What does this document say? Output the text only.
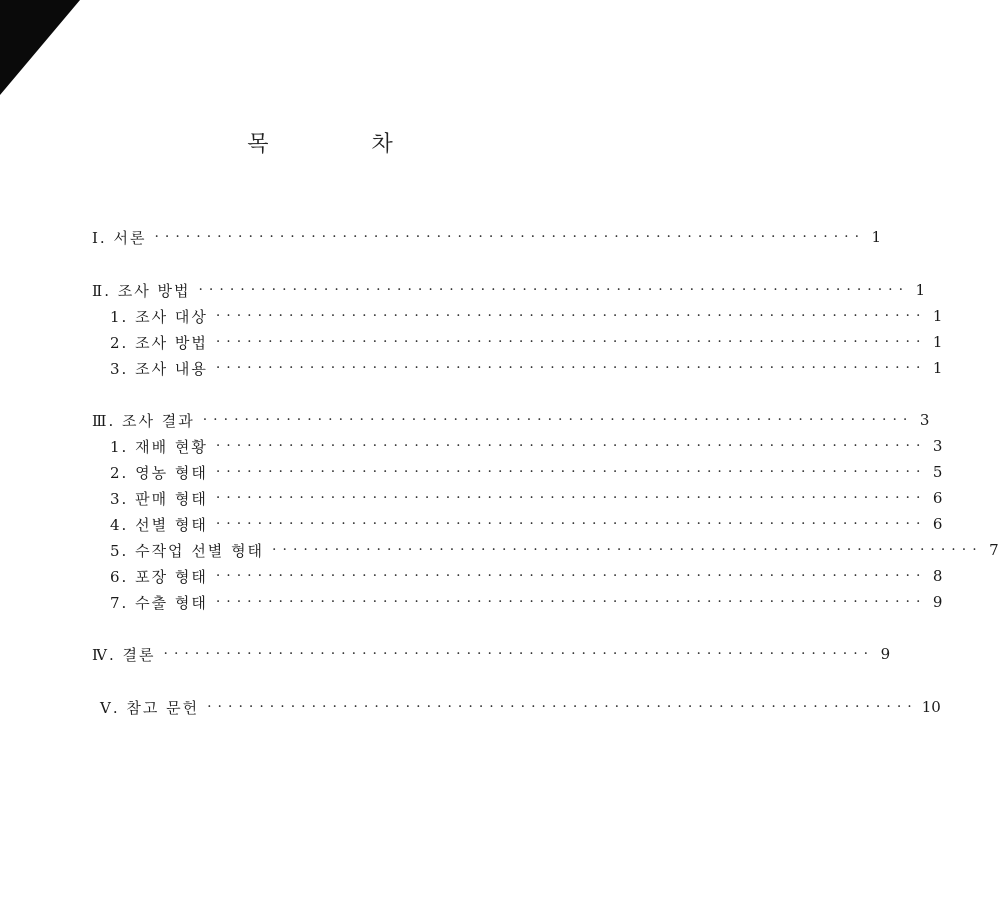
목 차
Ⅰ. 서론 ···································································· 1
Ⅱ. 조사 방법 ···································································· 1
1. 조사 대상 ···································································· 1
2. 조사 방법 ···································································· 1
3. 조사 내용 ···································································· 1
Ⅲ. 조사 결과 ···································································· 3
1. 재배 현황 ···································································· 3
2. 영농 형태 ···································································· 5
3. 판매 형태 ···································································· 6
4. 선별 형태 ···································································· 6
5. 수작업 선별 형태 ···································································· 7
6. 포장 형태 ···································································· 8
7. 수출 형태 ···································································· 9
Ⅳ. 결론 ···································································· 9
Ⅴ. 참고 문헌 ···································································· 10
